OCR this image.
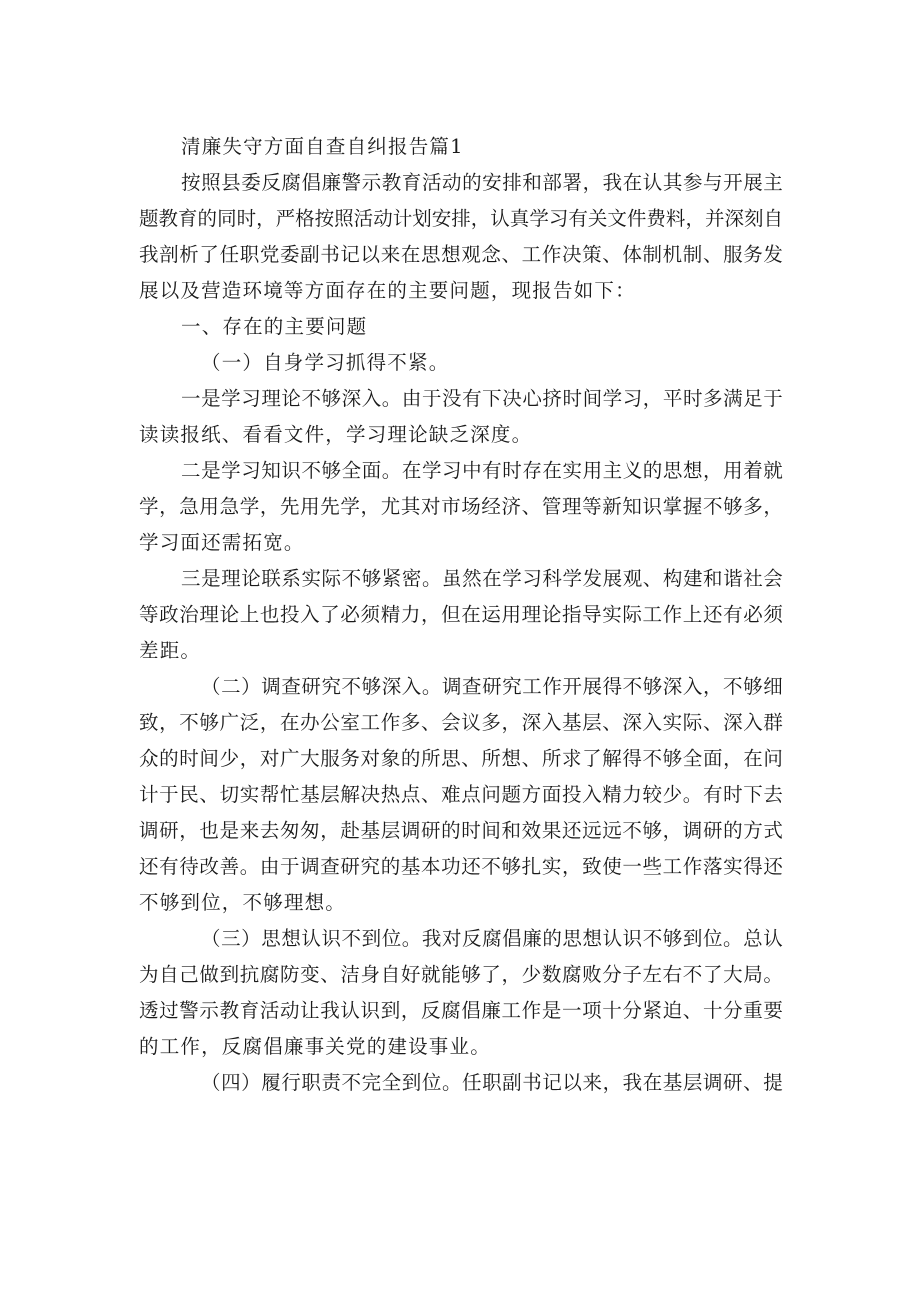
清廉失守方面自查自纠报告篇1
按 照 县 委 反 腐 倡 廉 警 示 教 育 活 动 的 安 排 和 部 署 ， 我 在 认 其 参 与 开 展 主
题 教 育 的 同 时 ， 严 格 按 照 活 动 计 划 安 排 ， 认 真 学 习 有 关 文 件 费 料 ， 并 深 刻 自
我 剖 析 了 任 职 党 委 副 书 记 以 来 在 思 想 观 念 、 工 作 决 策 、 体 制 机 制 、 服 务 发
展以及营造环境等方面存在的主要问题，现报告如下：
一、存在的主要问题
（一）自身学习抓得不紧。
一 是 学 习 理 论 不 够 深 入 。 由 于 没 有 下 决 心 挤 时 间 学 习 ， 平 时 多 满 足 于
读读报纸、看看文件，学习理论缺乏深度。
二 是 学 习 知 识 不 够 全 面 。 在 学 习 中 有 时 存 在 实 用 主 义 的 思 想 ， 用 着 就
学 ， 急 用 急 学 ， 先 用 先 学 ， 尤 其 对 市 场 经 济 、 管 理 等 新 知 识 掌 握 不 够 多 ，
学习面还需拓宽。
三 是 理 论 联 系 实 际 不 够 紧 密 。 虽 然 在 学 习 科 学 发 展 观 、 构 建 和 谐 社 会
等 政 治 理 论 上 也 投 入 了 必 须 精 力 ， 但 在 运 用 理 论 指 导 实 际 工 作 上 还 有 必 须
差距。
（ 二 ） 调 查 研 究 不 够 深 入 。 调 查 研 究 工 作 开 展 得 不 够 深 入 ， 不 够 细
致 ， 不 够 广 泛 ， 在 办 公 室 工 作 多 、 会 议 多 ， 深 入 基 层 、 深 入 实 际 、 深 入 群
众 的 时 间 少 ， 对 广 大 服 务 对 象 的 所 思 、 所 想 、 所 求 了 解 得 不 够 全 面 ， 在 问
计 于 民 、 切 实 帮 忙 基 层 解 决 热 点 、 难 点 问 题 方 面 投 入 精 力 较 少 。 有 时 下 去
调 研 ， 也 是 来 去 匆 匆 ， 赴 基 层 调 研 的 时 间 和 效 果 还 远 远 不 够 ， 调 研 的 方 式
还 有 待 改 善 。 由 于 调 查 研 究 的 基 本 功 还 不 够 扎 实 ， 致 使 一 些 工 作 落 实 得 还
不够到位，不够理想。
（ 三 ） 思 想 认 识 不 到 位 。 我 对 反 腐 倡 廉 的 思 想 认 识 不 够 到 位 。 总 认
为 自 己 做 到 抗 腐 防 变 、 洁 身 自 好 就 能 够 了 ， 少 数 腐 败 分 子 左 右 不 了 大 局 。
透 过 警 示 教 育 活 动 让 我 认 识 到 ， 反 腐 倡 廉 工 作 是 一 项 十 分 紧 迫 、 十 分 重 要
的工作，反腐倡廉事关党的建设事业。
（ 四 ） 履 行 职 责 不 完 全 到 位 。 任 职 副 书 记 以 来 ， 我 在 基 层 调 研 、 提
